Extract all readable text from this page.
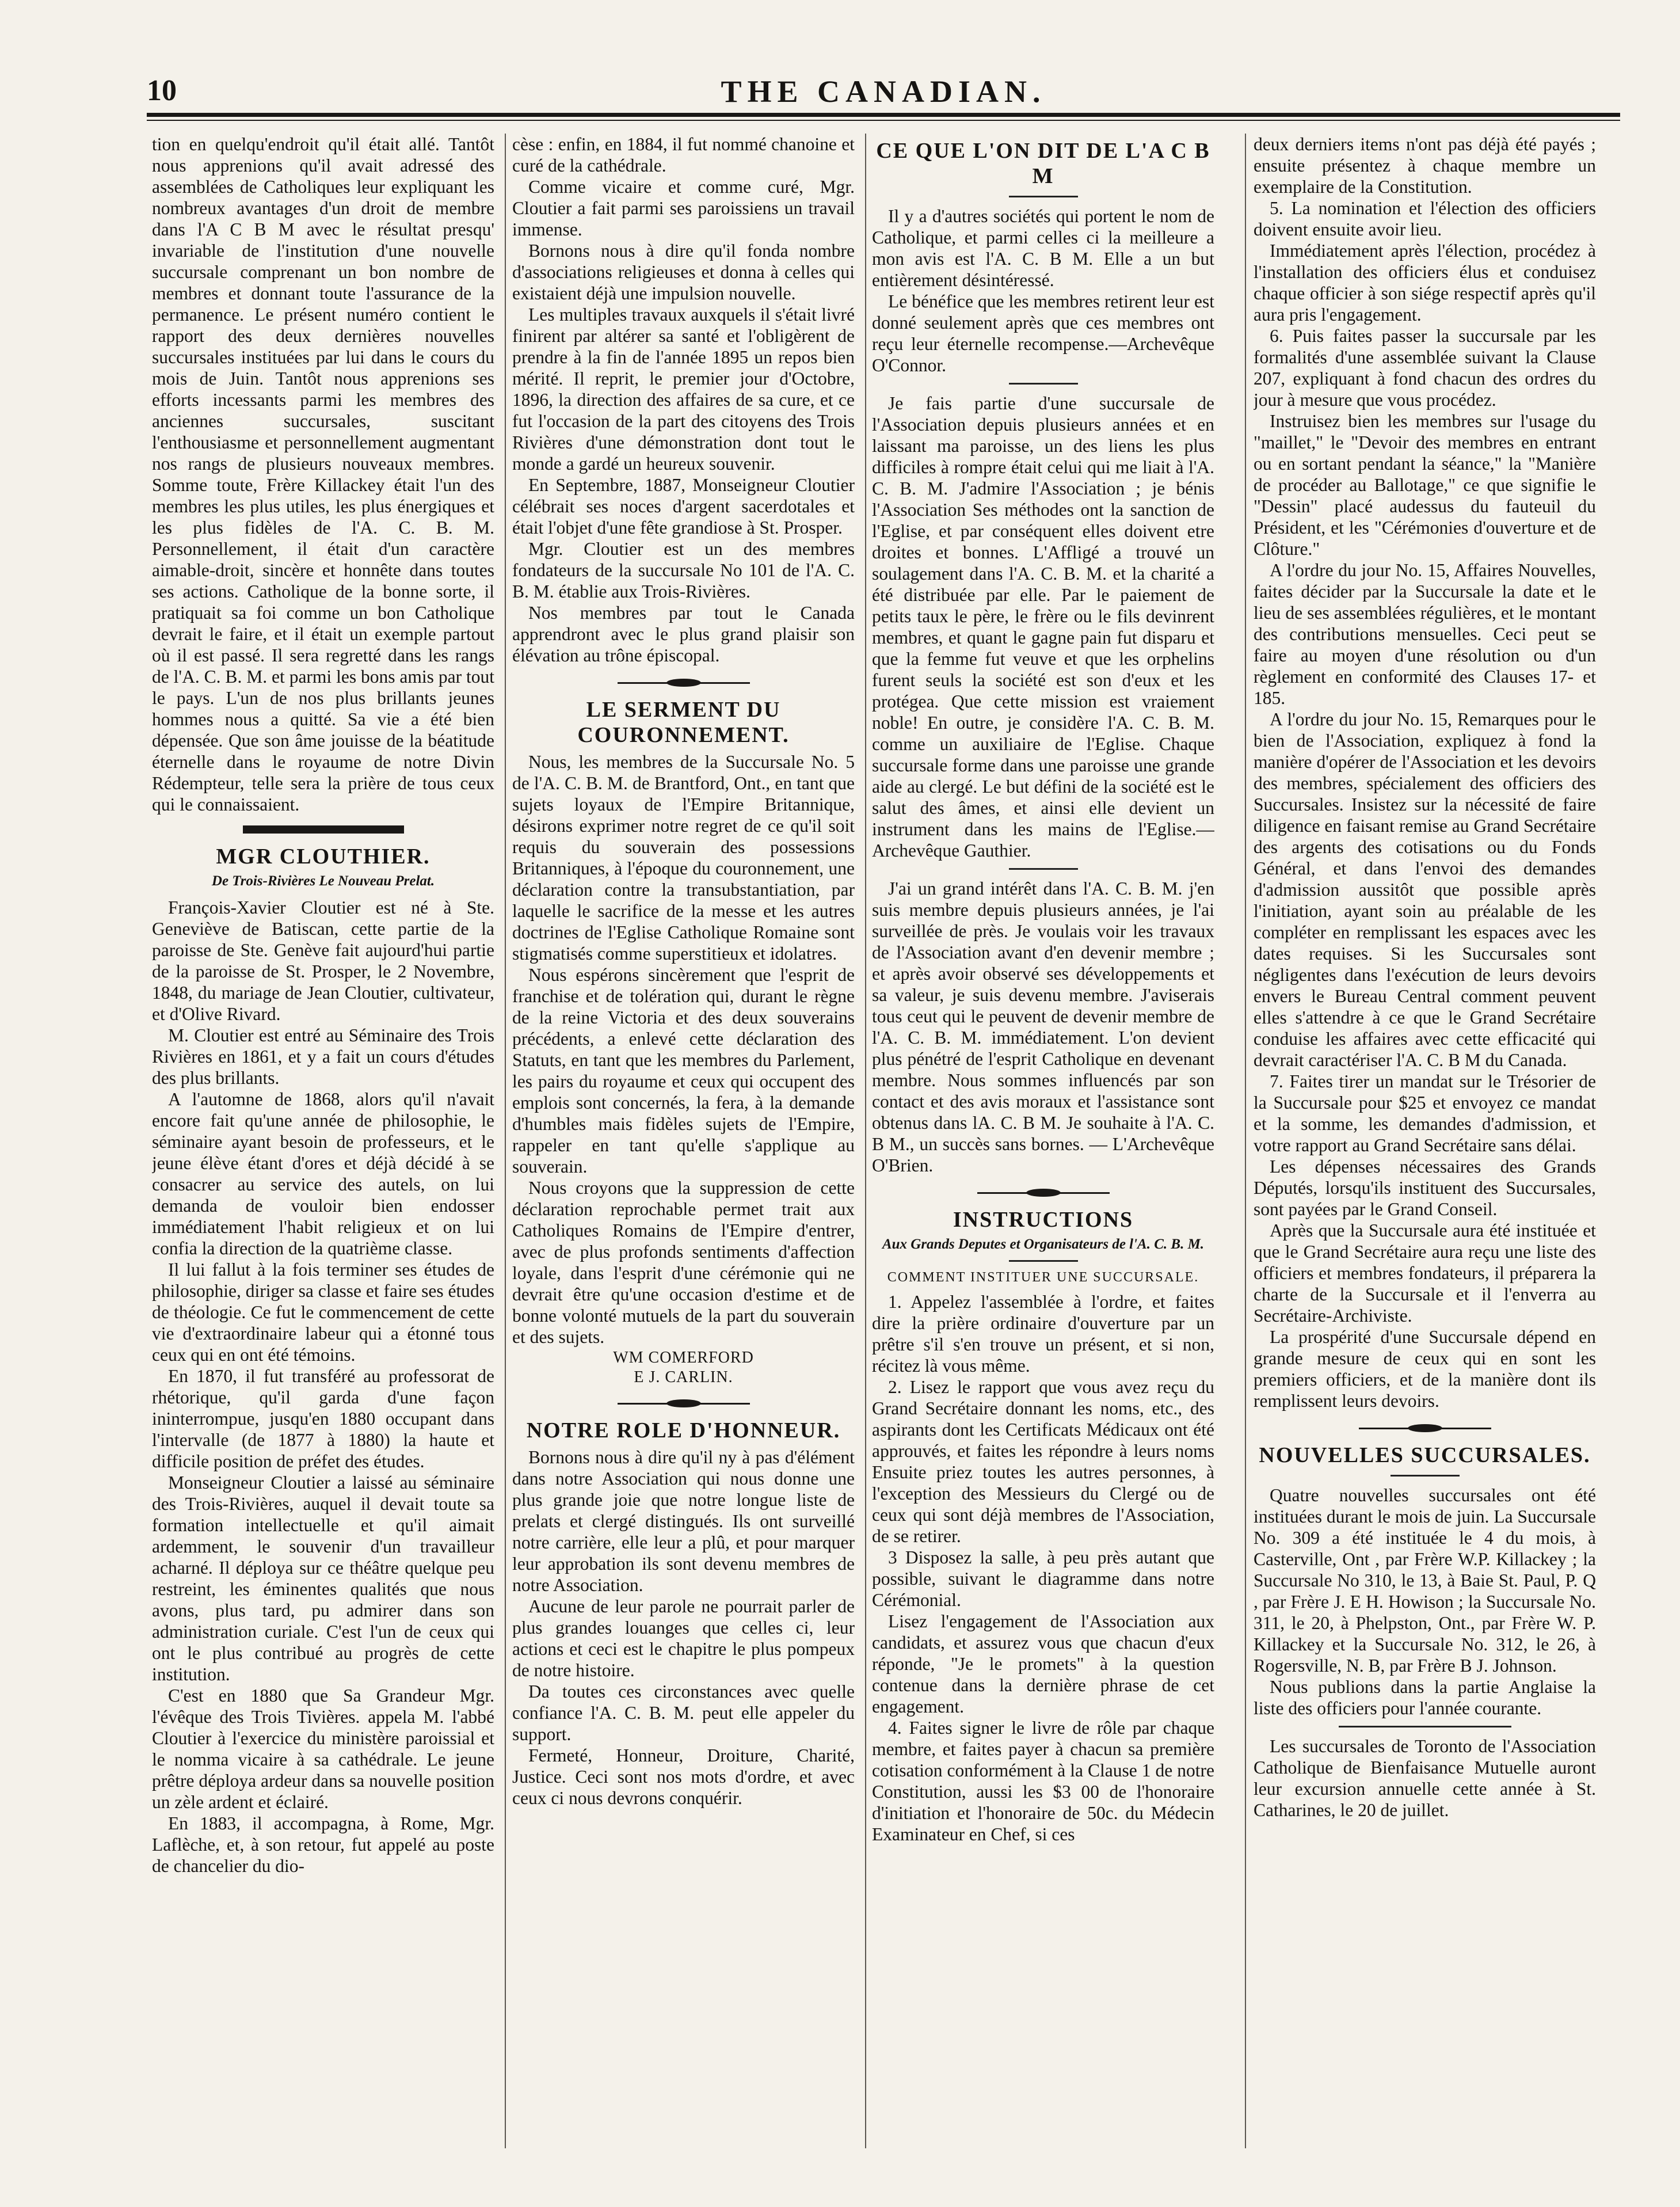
10	THE CANADIAN.

tion en quelqu'endroit qu'il était allé. Tantôt nous apprenions qu'il avait adressé des assemblées de Catholiques leur expliquant les nombreux avantages d'un droit de membre dans l'A C B M avec le résultat presqu' invariable de l'institution d'une nouvelle succursale comprenant un bon nombre de membres et donnant toute l'assurance de la permanence. Le présent numéro contient le rapport des deux dernières nouvelles succursales instituées par lui dans le cours du mois de Juin. Tantôt nous apprenions ses efforts incessants parmi les membres des anciennes succursales, suscitant l'enthousiasme et personnellement augmentant nos rangs de plusieurs nouveaux membres. Somme toute, Frère Killackey était l'un des membres les plus utiles, les plus énergiques et les plus fidèles de l'A. C. B. M. Personnellement, il était d'un caractère aimable-droit, sincère et honnête dans toutes ses actions. Catholique de la bonne sorte, il pratiquait sa foi comme un bon Catholique devrait le faire, et il était un exemple partout où il est passé. Il sera regretté dans les rangs de l'A. C. B. M. et parmi les bons amis par tout le pays. L'un de nos plus brillants jeunes hommes nous a quitté. Sa vie a été bien dépensée. Que son âme jouisse de la béatitude éternelle dans le royaume de notre Divin Rédempteur, telle sera la prière de tous ceux qui le connaissaient.

MGR CLOUTHIER.
De Trois-Rivières Le Nouveau Prelat.

François-Xavier Cloutier est né à Ste. Geneviève de Batiscan, cette partie de la paroisse de Ste. Genève fait aujourd'hui partie de la paroisse de St. Prosper, le 2 Novembre, 1848, du mariage de Jean Cloutier, cultivateur, et d'Olive Rivard.

M. Cloutier est entré au Séminaire des Trois Rivières en 1861, et y a fait un cours d'études des plus brillants.

A l'automne de 1868, alors qu'il n'avait encore fait qu'une année de philosophie, le séminaire ayant besoin de professeurs, et le jeune élève étant d'ores et déjà décidé à se consacrer au service des autels, on lui demanda de vouloir bien endosser immédiatement l'habit religieux et on lui confia la direction de la quatrième classe.

Il lui fallut à la fois terminer ses études de philosophie, diriger sa classe et faire ses études de théologie. Ce fut le commencement de cette vie d'extraordinaire labeur qui a étonné tous ceux qui en ont été témoins.

En 1870, il fut transféré au professorat de rhétorique, qu'il garda d'une façon ininterrompue, jusqu'en 1880 occupant dans l'intervalle (de 1877 à 1880) la haute et difficile position de préfet des études.

Monseigneur Cloutier a laissé au séminaire des Trois-Rivières, auquel il devait toute sa formation intellectuelle et qu'il aimait ardemment, le souvenir d'un travailleur acharné. Il déploya sur ce théâtre quelque peu restreint, les éminentes qualités que nous avons, plus tard, pu admirer dans son administration curiale. C'est l'un de ceux qui ont le plus contribué au progrès de cette institution.

C'est en 1880 que Sa Grandeur Mgr. l'évêque des Trois Tivières. appela M. l'abbé Cloutier à l'exercice du ministère paroissial et le nomma vicaire à sa cathédrale. Le jeune prêtre déploya ardeur dans sa nouvelle position un zèle ardent et éclairé.

En 1883, il accompagna, à Rome, Mgr. Laflèche, et, à son retour, fut appelé au poste de chancelier du dio-

cèse : enfin, en 1884, il fut nommé chanoine et curé de la cathédrale.

Comme vicaire et comme curé, Mgr. Cloutier a fait parmi ses paroissiens un travail immense.

Bornons nous à dire qu'il fonda nombre d'associations religieuses et donna à celles qui existaient déjà une impulsion nouvelle.

Les multiples travaux auxquels il s'était livré finirent par altérer sa santé et l'obligèrent de prendre à la fin de l'année 1895 un repos bien mérité. Il reprit, le premier jour d'Octobre, 1896, la direction des affaires de sa cure, et ce fut l'occasion de la part des citoyens des Trois Rivières d'une démonstration dont tout le monde a gardé un heureux souvenir.

En Septembre, 1887, Monseigneur Cloutier célébrait ses noces d'argent sacerdotales et était l'objet d'une fête grandiose à St. Prosper.

Mgr. Cloutier est un des membres fondateurs de la succursale No 101 de l'A. C. B. M. établie aux Trois-Rivières.

Nos membres par tout le Canada apprendront avec le plus grand plaisir son élévation au trône épiscopal.

LE SERMENT DU COURONNEMENT.

Nous, les membres de la Succursale No. 5 de l'A. C. B. M. de Brantford, Ont., en tant que sujets loyaux de l'Empire Britannique, désirons exprimer notre regret de ce qu'il soit requis du souverain des possessions Britanniques, à l'époque du couronnement, une déclaration contre la transubstantiation, par laquelle le sacrifice de la messe et les autres doctrines de l'Eglise Catholique Romaine sont stigmatisés comme superstitieux et idolatres.

Nous espérons sincèrement que l'esprit de franchise et de tolération qui, durant le règne de la reine Victoria et des deux souverains précédents, a enlevé cette déclaration des Statuts, en tant que les membres du Parlement, les pairs du royaume et ceux qui occupent des emplois sont concernés, la fera, à la demande d'humbles mais fidèles sujets de l'Empire, rappeler en tant qu'elle s'applique au souverain.

Nous croyons que la suppression de cette déclaration reprochable permet trait aux Catholiques Romains de l'Empire d'entrer, avec de plus profonds sentiments d'affection loyale, dans l'esprit d'une cérémonie qui ne devrait être qu'une occasion d'estime et de bonne volonté mutuels de la part du souverain et des sujets.

WM COMERFORD
E J. CARLIN.
NOTRE ROLE D'HONNEUR.

Bornons nous à dire qu'il ny à pas d'élément dans notre Association qui nous donne une plus grande joie que notre longue liste de prelats et clergé distingués. Ils ont surveillé notre carrière, elle leur a plû, et pour marquer leur approbation ils sont devenu membres de notre Association.

Aucune de leur parole ne pourrait parler de plus grandes louanges que celles ci, leur actions et ceci est le chapitre le plus pompeux de notre histoire.

Da toutes ces circonstances avec quelle confiance l'A. C. B. M. peut elle appeler du support.

Fermeté, Honneur, Droiture, Charité, Justice. Ceci sont nos mots d'ordre, et avec ceux ci nous devrons conquérir.

CE QUE L'ON DIT DE L'A C B M

Il y a d'autres sociétés qui portent le nom de Catholique, et parmi celles ci la meilleure a mon avis est l'A. C. B M. Elle a un but entièrement désintéressé.

Le bénéfice que les membres retirent leur est donné seulement après que ces membres ont reçu leur éternelle recompense.—Archevêque O'Connor.

Je fais partie d'une succursale de l'Association depuis plusieurs années et en laissant ma paroisse, un des liens les plus difficiles à rompre était celui qui me liait à l'A. C. B. M. J'admire l'Association ; je bénis l'Association Ses méthodes ont la sanction de l'Eglise, et par conséquent elles doivent etre droites et bonnes. L'Affligé a trouvé un soulagement dans l'A. C. B. M. et la charité a été distribuée par elle. Par le paiement de petits taux le père, le frère ou le fils devinrent membres, et quant le gagne pain fut disparu et que la femme fut veuve et que les orphelins furent seuls la société est son d'eux et les protégea. Que cette mission est vraiement noble! En outre, je considère l'A. C. B. M. comme un auxiliaire de l'Eglise. Chaque succursale forme dans une paroisse une grande aide au clergé. Le but défini de la société est le salut des âmes, et ainsi elle devient un instrument dans les mains de l'Eglise.—Archevêque Gauthier.

J'ai un grand intérêt dans l'A. C. B. M. j'en suis membre depuis plusieurs années, je l'ai surveillée de près. Je voulais voir les travaux de l'Association avant d'en devenir membre ; et après avoir observé ses développements et sa valeur, je suis devenu membre. J'aviserais tous ceut qui le peuvent de devenir membre de l'A. C. B. M. immédiatement. L'on devient plus pénétré de l'esprit Catholique en devenant membre. Nous sommes influencés par son contact et des avis moraux et l'assistance sont obtenus dans lA. C. B M. Je souhaite à l'A. C. B M., un succès sans bornes. — L'Archevêque O'Brien.

INSTRUCTIONS
Aux Grands Deputes et Organisateurs de l'A. C. B. M.
COMMENT INSTITUER UNE SUCCURSALE.

1. Appelez l'assemblée à l'ordre, et faites dire la prière ordinaire d'ouverture par un prêtre s'il s'en trouve un présent, et si non, récitez là vous même.

2. Lisez le rapport que vous avez reçu du Grand Secrétaire donnant les noms, etc., des aspirants dont les Certificats Médicaux ont été approuvés, et faites les répondre à leurs noms Ensuite priez toutes les autres personnes, à l'exception des Messieurs du Clergé ou de ceux qui sont déjà membres de l'Association, de se retirer.

3 Disposez la salle, à peu près autant que possible, suivant le diagramme dans notre Cérémonial.

Lisez l'engagement de l'Association aux candidats, et assurez vous que chacun d'eux réponde, "Je le promets" à la question contenue dans la dernière phrase de cet engagement.

4. Faites signer le livre de rôle par chaque membre, et faites payer à chacun sa première cotisation conformément à la Clause 1 de notre Constitution, aussi les $3 00 de l'honoraire d'initiation et l'honoraire de 50c. du Médecin Examinateur en Chef, si ces

deux derniers items n'ont pas déjà été payés ; ensuite présentez à chaque membre un exemplaire de la Constitution.

5. La nomination et l'élection des officiers doivent ensuite avoir lieu.

Immédiatement après l'élection, procédez à l'installation des officiers élus et conduisez chaque officier à son siége respectif après qu'il aura pris l'engagement.

6. Puis faites passer la succursale par les formalités d'une assemblée suivant la Clause 207, expliquant à fond chacun des ordres du jour à mesure que vous procédez.

Instruisez bien les membres sur l'usage du "maillet," le "Devoir des membres en entrant ou en sortant pendant la séance," la "Manière de procéder au Ballotage," ce que signifie le "Dessin" placé audessus du fauteuil du Président, et les "Cérémonies d'ouverture et de Clôture."

A l'ordre du jour No. 15, Affaires Nouvelles, faites décider par la Succursale la date et le lieu de ses assemblées régulières, et le montant des contributions mensuelles. Ceci peut se faire au moyen d'une résolution ou d'un règlement en conformité des Clauses 17- et 185.

A l'ordre du jour No. 15, Remarques pour le bien de l'Association, expliquez à fond la manière d'opérer de l'Association et les devoirs des membres, spécialement des officiers des Succursales. Insistez sur la nécessité de faire diligence en faisant remise au Grand Secrétaire des argents des cotisations ou du Fonds Général, et dans l'envoi des demandes d'admission aussitôt que possible après l'initiation, ayant soin au préalable de les compléter en remplissant les espaces avec les dates requises. Si les Succursales sont négligentes dans l'exécution de leurs devoirs envers le Bureau Central comment peuvent elles s'attendre à ce que le Grand Secrétaire conduise les affaires avec cette efficacité qui devrait caractériser l'A. C. B M du Canada.

7. Faites tirer un mandat sur le Trésorier de la Succursale pour $25 et envoyez ce mandat et la somme, les demandes d'admission, et votre rapport au Grand Secrétaire sans délai.

Les dépenses nécessaires des Grands Députés, lorsqu'ils instituent des Succursales, sont payées par le Grand Conseil.

Après que la Succursale aura été instituée et que le Grand Secrétaire aura reçu une liste des officiers et membres fondateurs, il préparera la charte de la Succursale et il l'enverra au Secrétaire-Archiviste.

La prospérité d'une Succursale dépend en grande mesure de ceux qui en sont les premiers officiers, et de la manière dont ils remplissent leurs devoirs.

NOUVELLES SUCCURSALES.

Quatre nouvelles succursales ont été instituées durant le mois de juin. La Succursale No. 309 a été instituée le 4 du mois, à Casterville, Ont , par Frère W.P. Killackey ; la Succursale No 310, le 13, à Baie St. Paul, P. Q , par Frère J. E H. Howison ; la Succursale No. 311, le 20, à Phelpston, Ont., par Frère W. P. Killackey et la Succursale No. 312, le 26, à Rogersville, N. B, par Frère B J. Johnson.

Nous publions dans la partie Anglaise la liste des officiers pour l'année courante.

Les succursales de Toronto de l'Association Catholique de Bienfaisance Mutuelle auront leur excursion annuelle cette année à St. Catharines, le 20 de juillet.
